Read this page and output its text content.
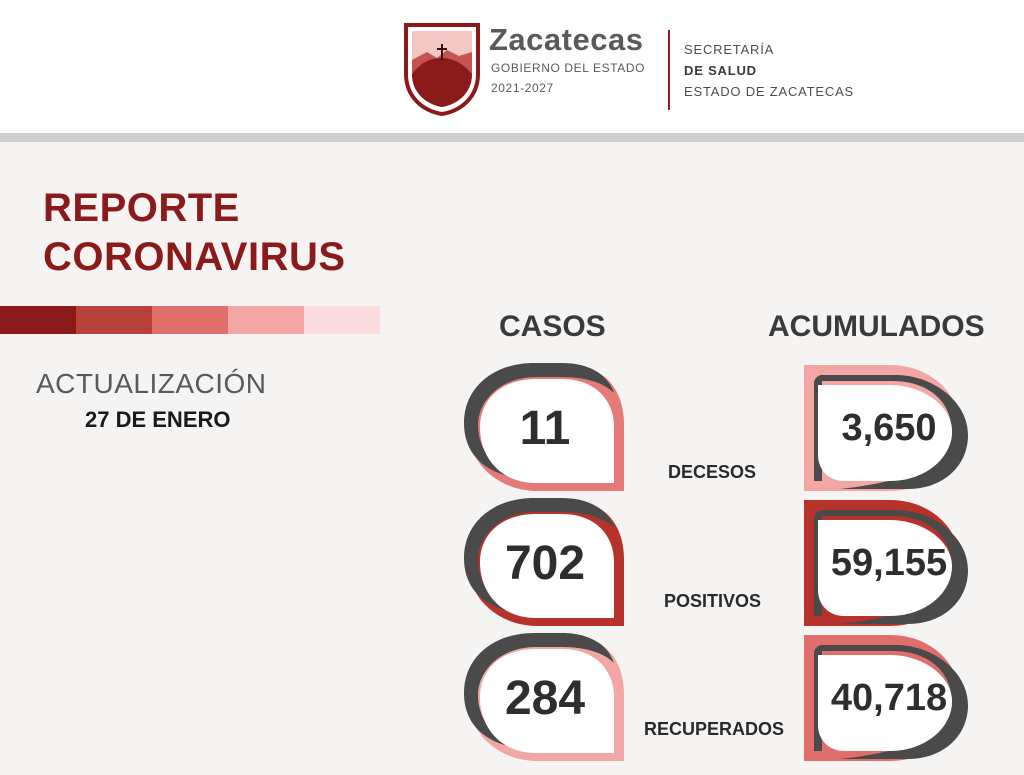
Zacatecas
GOBIERNO DEL ESTADO
2021-2027
SECRETARÍA
DE SALUD
ESTADO DE ZACATECAS
REPORTE
CORONAVIRUS
ACTUALIZACIÓN
27 DE ENERO
CASOS	ACUMULADOS
11
DECESOS
3,650
702
POSITIVOS
59,155
284
RECUPERADOS
40,718
